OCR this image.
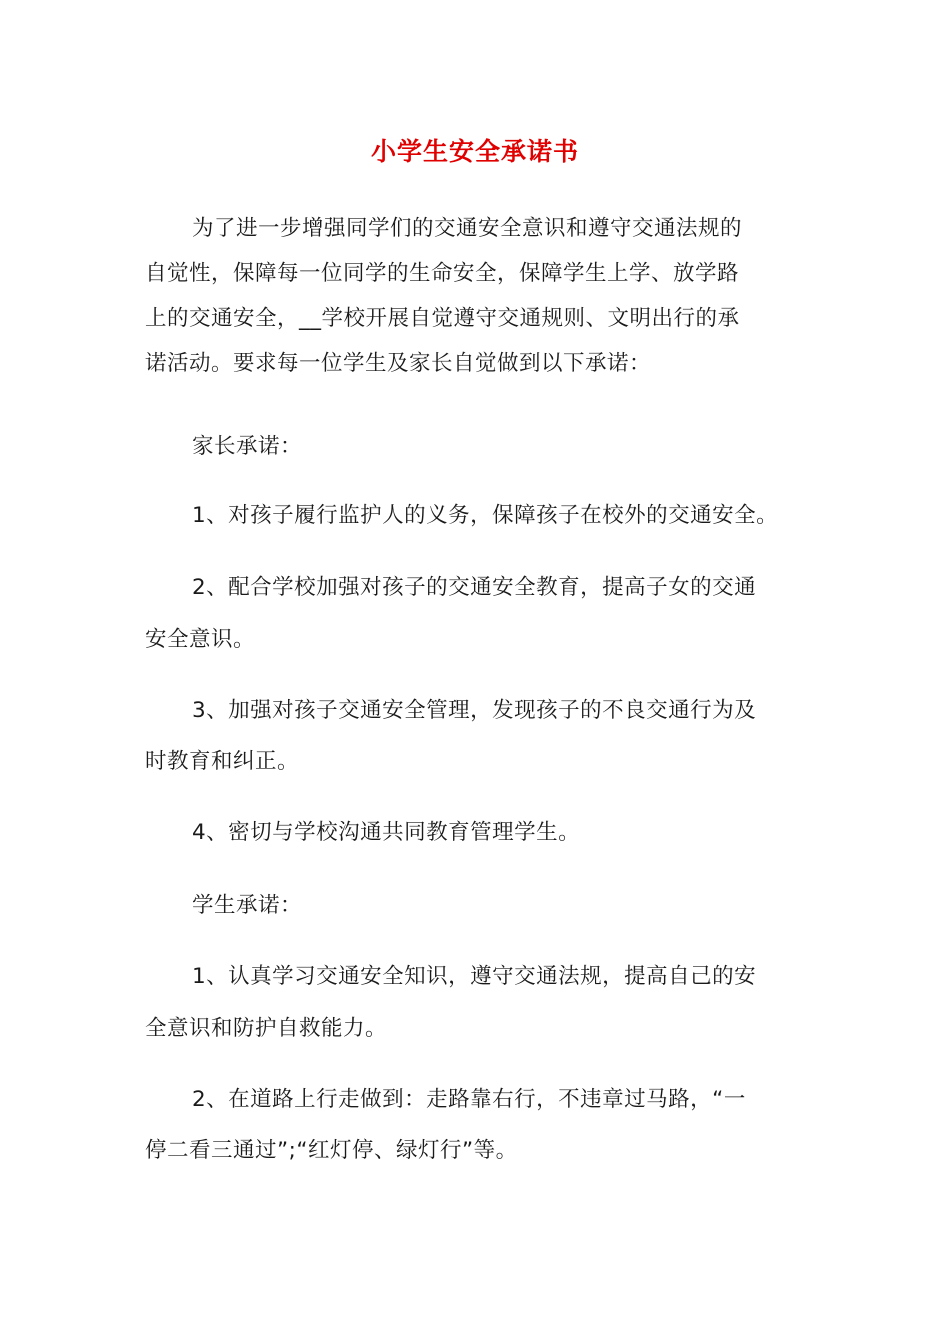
小学生安全承诺书
为了进一步增强同学们的交通安全意识和遵守交通法规的
自觉性，保障每一位同学的生命安全，保障学生上学、放学路
上的交通安全，__学校开展自觉遵守交通规则、文明出行的承
诺活动。要求每一位学生及家长自觉做到以下承诺：
家长承诺：
1、对孩子履行监护人的义务，保障孩子在校外的交通安全。
2、配合学校加强对孩子的交通安全教育，提高子女的交通
安全意识。
3、加强对孩子交通安全管理，发现孩子的不良交通行为及
时教育和纠正。
4、密切与学校沟通共同教育管理学生。
学生承诺：
1、认真学习交通安全知识，遵守交通法规，提高自己的安
全意识和防护自救能力。
2、在道路上行走做到：走路靠右行，不违章过马路，“一
停二看三通过”;“红灯停、绿灯行”等。
